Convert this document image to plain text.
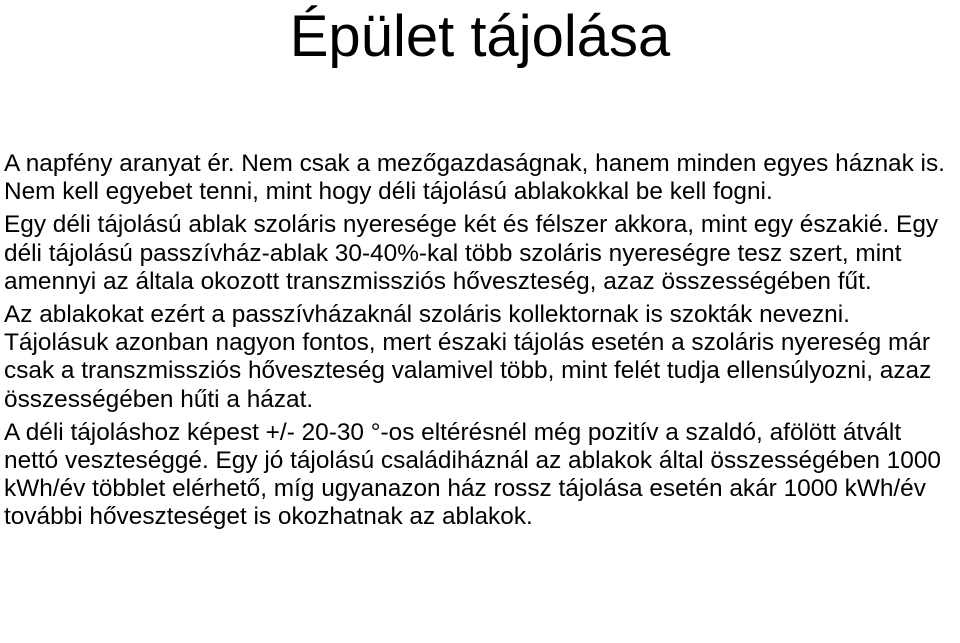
Épület tájolása

A napfény aranyat ér. Nem csak a mezőgazdaságnak, hanem minden egyes háznak is. Nem kell egyebet tenni, mint hogy déli tájolású ablakokkal be kell fogni.

Egy déli tájolású ablak szoláris nyeresége két és félszer akkora, mint egy északié. Egy déli tájolású passzívház-ablak 30-40%-kal több szoláris nyereségre tesz szert, mint amennyi az általa okozott transzmissziós hőveszteség, azaz összességében fűt.

Az ablakokat ezért a passzívházaknál szoláris kollektornak is szokták nevezni. Tájolásuk azonban nagyon fontos, mert északi tájolás esetén a szoláris nyereség már csak a transzmissziós hőveszteség valamivel több, mint felét tudja ellensúlyozni, azaz összességében hűti a házat.

A déli tájoláshoz képest +/- 20-30 °-os eltérésnél még pozitív a szaldó, afölött átvált nettó veszteséggé. Egy jó tájolású családiháznál az ablakok által összességében 1000 kWh/év többlet elérhető, míg ugyanazon ház rossz tájolása esetén akár 1000 kWh/év további hőveszteséget is okozhatnak az ablakok.
